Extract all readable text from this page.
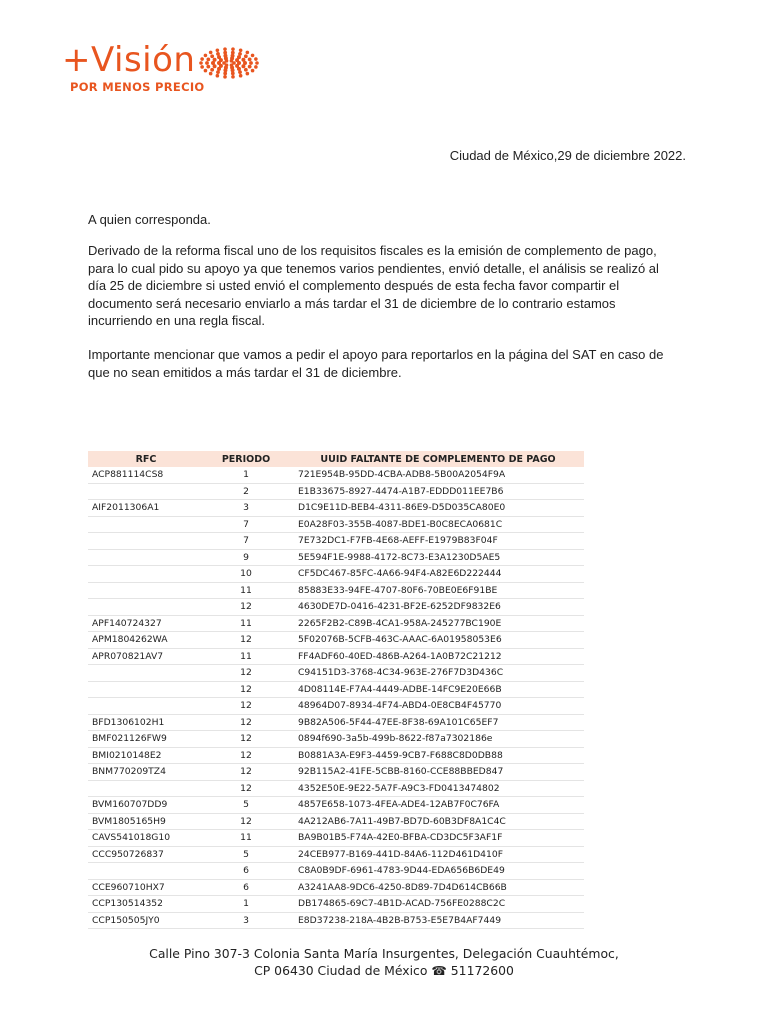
+Visión
POR MENOS PRECIO
Ciudad de México,29 de diciembre 2022.
A quien corresponda.
Derivado de la reforma fiscal uno de los requisitos fiscales es la emisión de complemento de pago, para lo cual pido su apoyo ya que tenemos varios pendientes, envió detalle, el análisis se realizó al día 25 de diciembre si usted envió el complemento después de esta fecha favor compartir el documento será necesario enviarlo a más tardar el 31 de diciembre de lo contrario estamos incurriendo en una regla fiscal.
Importante mencionar que vamos a pedir el apoyo para reportarlos en la página del SAT en caso de que no sean emitidos a más tardar el 31 de diciembre.
RFC	PERIODO	UUID FALTANTE DE COMPLEMENTO DE PAGO
ACP881114CS8	1	721E954B-95DD-4CBA-ADB8-5B00A2054F9A
	2	E1B33675-8927-4474-A1B7-EDDD011EE7B6
AIF2011306A1	3	D1C9E11D-BEB4-4311-86E9-D5D035CA80E0
	7	E0A28F03-355B-4087-BDE1-B0C8ECA0681C
	7	7E732DC1-F7FB-4E68-AEFF-E1979B83F04F
	9	5E594F1E-9988-4172-8C73-E3A1230D5AE5
	10	CF5DC467-85FC-4A66-94F4-A82E6D222444
	11	85883E33-94FE-4707-80F6-70BE0E6F91BE
	12	4630DE7D-0416-4231-BF2E-6252DF9832E6
APF140724327	11	2265F2B2-C89B-4CA1-958A-245277BC190E
APM1804262WA	12	5F02076B-5CFB-463C-AAAC-6A01958053E6
APR070821AV7	11	FF4ADF60-40ED-486B-A264-1A0B72C21212
	12	C94151D3-3768-4C34-963E-276F7D3D436C
	12	4D08114E-F7A4-4449-ADBE-14FC9E20E66B
	12	48964D07-8934-4F74-ABD4-0E8CB4F45770
BFD1306102H1	12	9B82A506-5F44-47EE-8F38-69A101C65EF7
BMF021126FW9	12	0894f690-3a5b-499b-8622-f87a7302186e
BMI0210148E2	12	B0881A3A-E9F3-4459-9CB7-F688C8D0DB88
BNM770209TZ4	12	92B115A2-41FE-5CBB-8160-CCE88BBED847
	12	4352E50E-9E22-5A7F-A9C3-FD0413474802
BVM160707DD9	5	4857E658-1073-4FEA-ADE4-12AB7F0C76FA
BVM1805165H9	12	4A212AB6-7A11-49B7-BD7D-60B3DF8A1C4C
CAVS541018G10	11	BA9B01B5-F74A-42E0-BFBA-CD3DC5F3AF1F
CCC950726837	5	24CEB977-B169-441D-84A6-112D461D410F
	6	C8A0B9DF-6961-4783-9D44-EDA656B6DE49
CCE960710HX7	6	A3241AA8-9DC6-4250-8D89-7D4D614CB66B
CCP130514352	1	DB174865-69C7-4B1D-ACAD-756FE0288C2C
CCP150505JY0	3	E8D37238-218A-4B2B-B753-E5E7B4AF7449
Calle Pino 307-3 Colonia Santa María Insurgentes, Delegación Cuauhtémoc,
CP 06430 Ciudad de México ☎ 51172600
